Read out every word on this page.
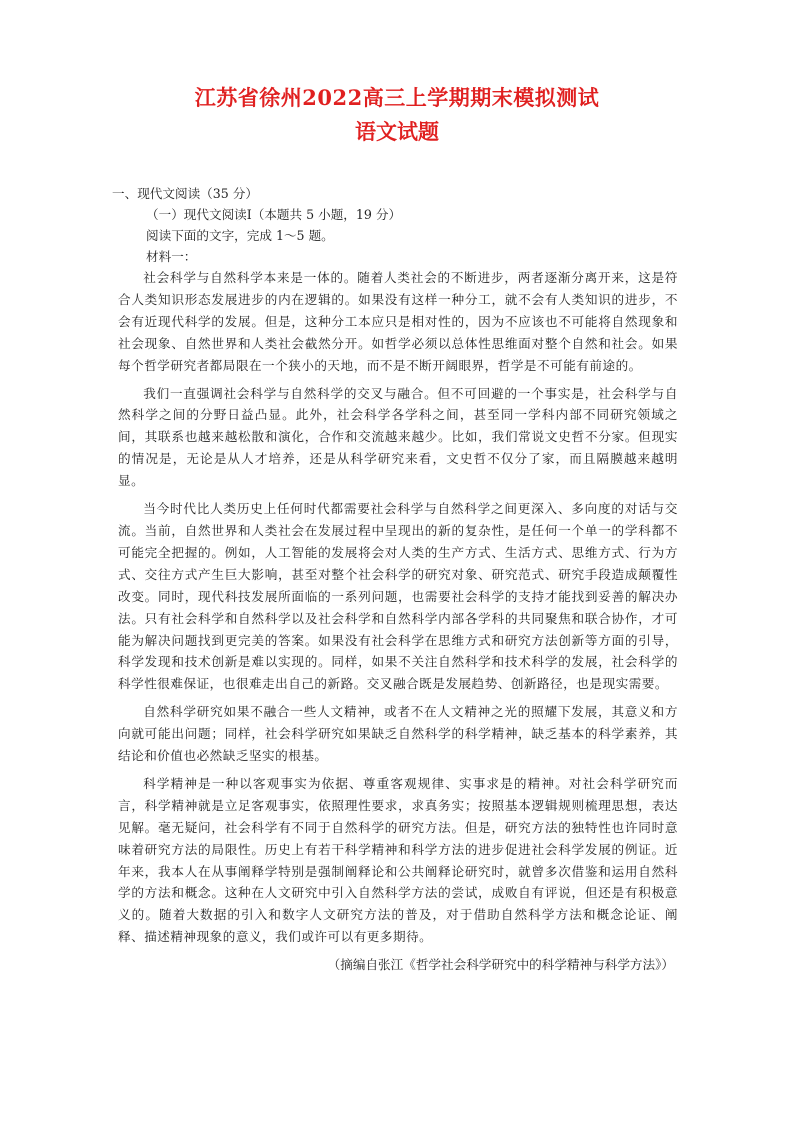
江苏省徐州2022高三上学期期末模拟测试
语文试题
一、现代文阅读（35 分）
（一）现代文阅读Ⅰ（本题共 5 小题，19 分）
阅读下面的文字，完成 1～5 题。
材料一：

社会科学与自然科学本来是一体的。随着人类社会的不断进步，两者逐渐分离开来，这是符合人类知识形态发展进步的内在逻辑的。如果没有这样一种分工，就不会有人类知识的进步，不会有近现代科学的发展。但是，这种分工本应只是相对性的，因为不应该也不可能将自然现象和社会现象、自然世界和人类社会截然分开。如哲学必须以总体性思维面对整个自然和社会。如果每个哲学研究者都局限在一个狭小的天地，而不是不断开阔眼界，哲学是不可能有前途的。

我们一直强调社会科学与自然科学的交叉与融合。但不可回避的一个事实是，社会科学与自然科学之间的分野日益凸显。此外，社会科学各学科之间，甚至同一学科内部不同研究领域之间，其联系也越来越松散和演化，合作和交流越来越少。比如，我们常说文史哲不分家。但现实的情况是，无论是从人才培养，还是从科学研究来看，文史哲不仅分了家，而且隔膜越来越明显。

当今时代比人类历史上任何时代都需要社会科学与自然科学之间更深入、多向度的对话与交流。当前，自然世界和人类社会在发展过程中呈现出的新的复杂性，是任何一个单一的学科都不可能完全把握的。例如，人工智能的发展将会对人类的生产方式、生活方式、思维方式、行为方式、交往方式产生巨大影响，甚至对整个社会科学的研究对象、研究范式、研究手段造成颠覆性改变。同时，现代科技发展所面临的一系列问题，也需要社会科学的支持才能找到妥善的解决办法。只有社会科学和自然科学以及社会科学和自然科学内部各学科的共同聚焦和联合协作，才可能为解决问题找到更完美的答案。如果没有社会科学在思维方式和研究方法创新等方面的引导，科学发现和技术创新是难以实现的。同样，如果不关注自然科学和技术科学的发展，社会科学的科学性很难保证，也很难走出自己的新路。交叉融合既是发展趋势、创新路径，也是现实需要。

自然科学研究如果不融合一些人文精神，或者不在人文精神之光的照耀下发展，其意义和方向就可能出问题；同样，社会科学研究如果缺乏自然科学的科学精神，缺乏基本的科学素养，其结论和价值也必然缺乏坚实的根基。

科学精神是一种以客观事实为依据、尊重客观规律、实事求是的精神。对社会科学研究而言，科学精神就是立足客观事实，依照理性要求，求真务实；按照基本逻辑规则梳理思想，表达见解。毫无疑问，社会科学有不同于自然科学的研究方法。但是，研究方法的独特性也许同时意味着研究方法的局限性。历史上有若干科学精神和科学方法的进步促进社会科学发展的例证。近年来，我本人在从事阐释学特别是强制阐释论和公共阐释论研究时，就曾多次借鉴和运用自然科学的方法和概念。这种在人文研究中引入自然科学方法的尝试，成败自有评说，但还是有积极意义的。随着大数据的引入和数字人文研究方法的普及，对于借助自然科学方法和概念论证、阐释、描述精神现象的意义，我们或许可以有更多期待。

（摘编自张江《哲学社会科学研究中的科学精神与科学方法》）
